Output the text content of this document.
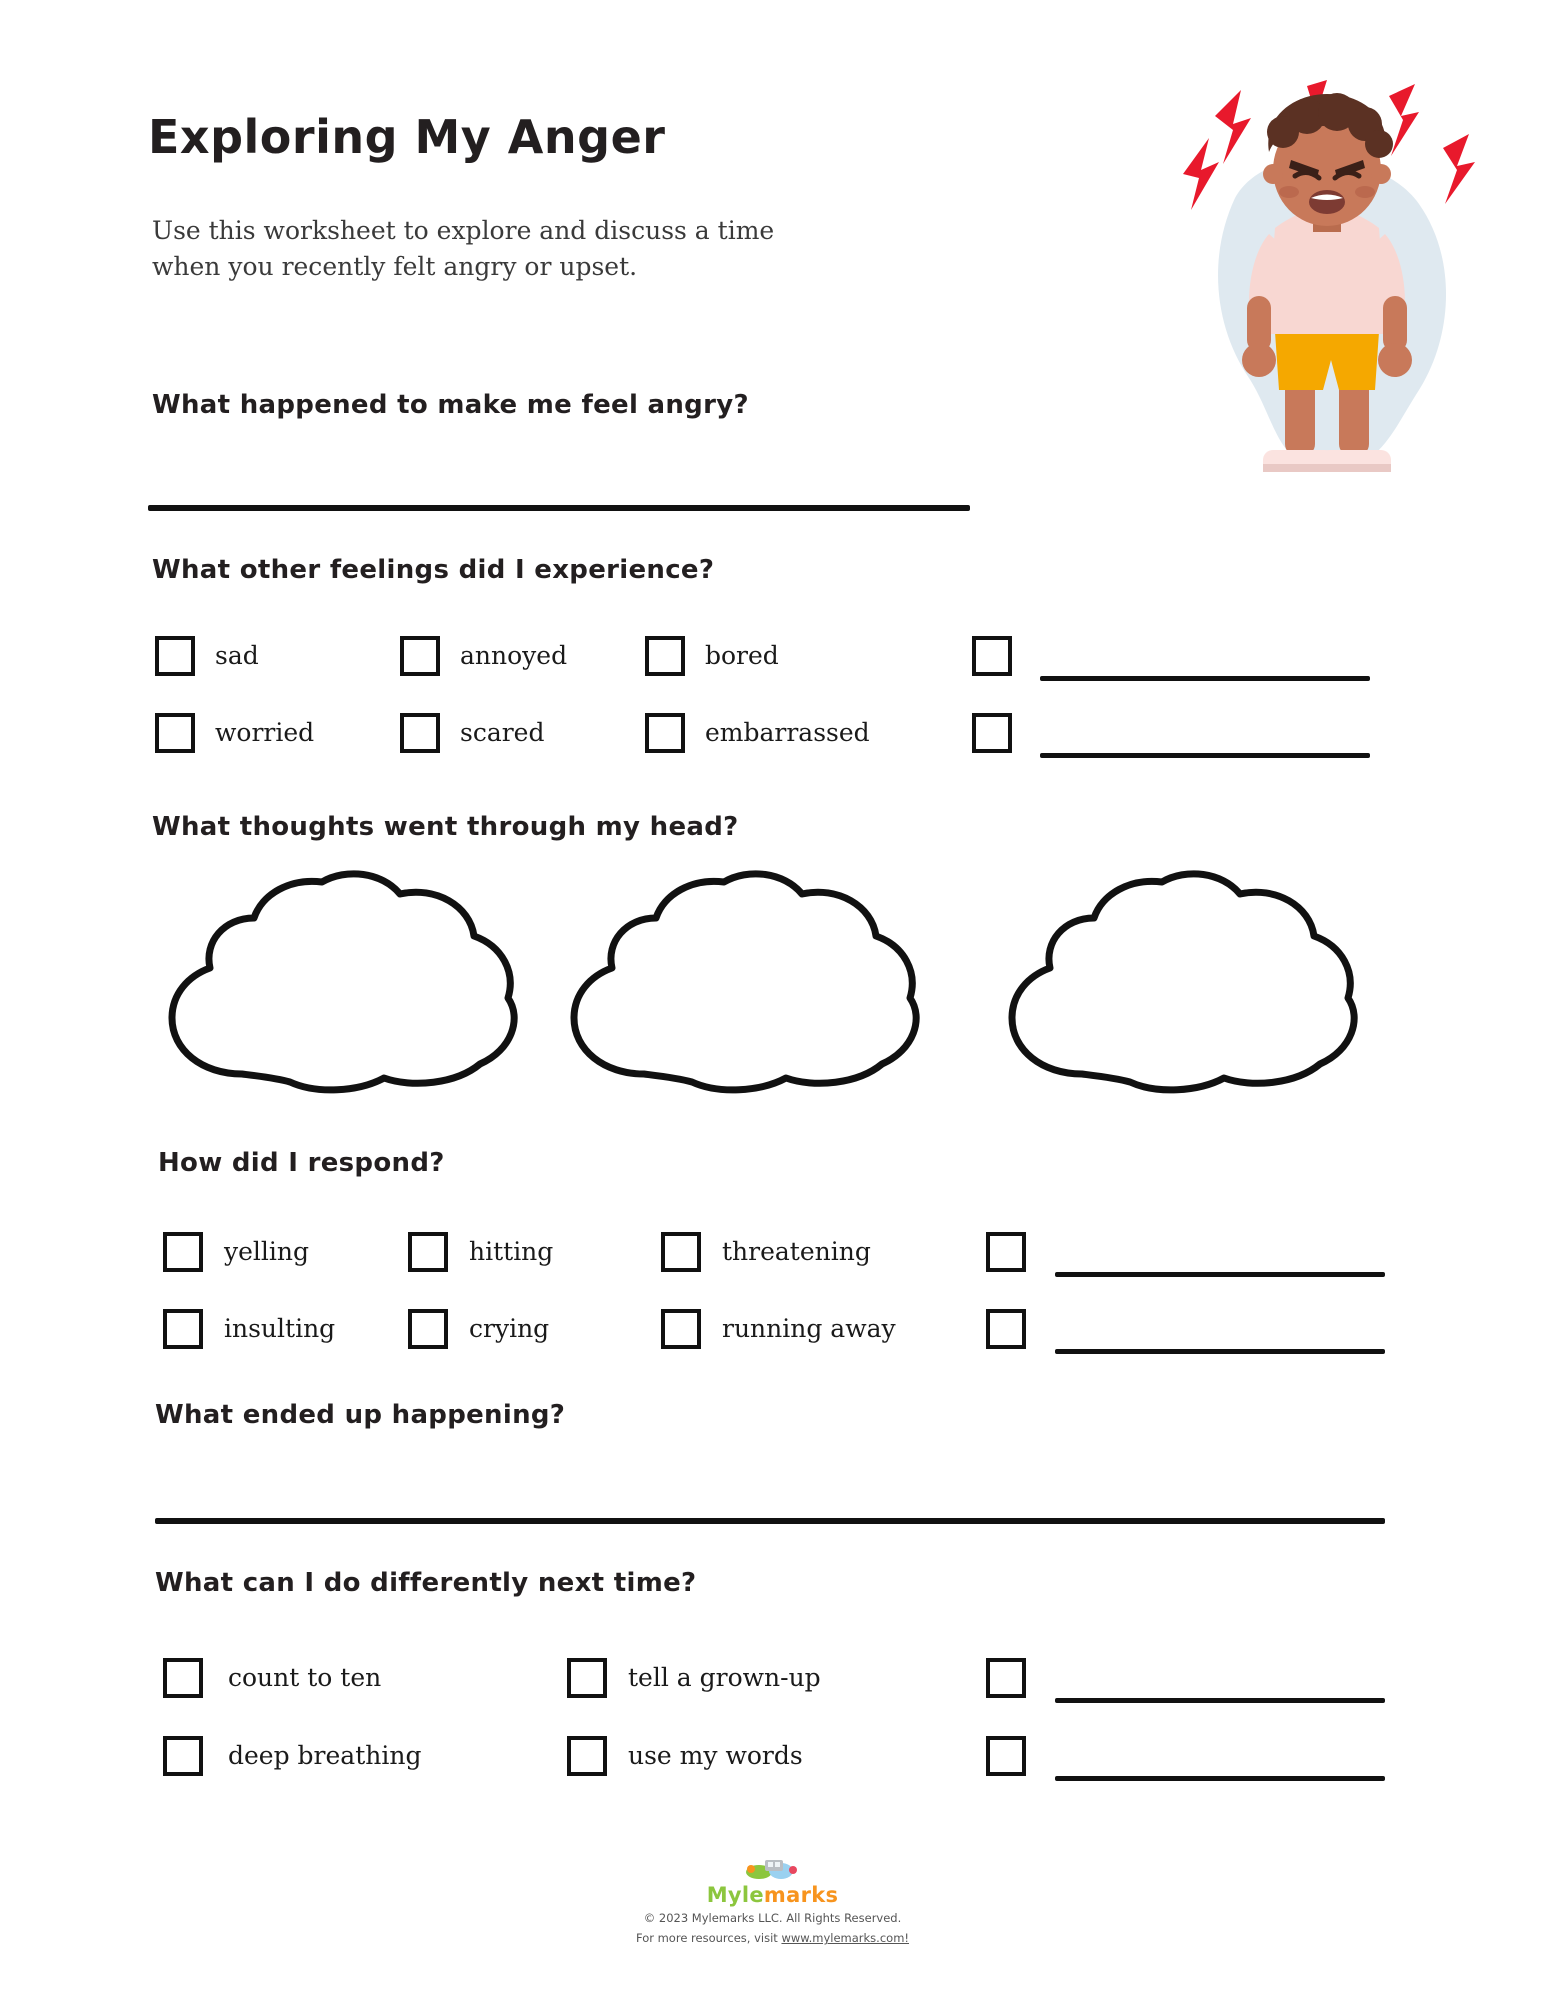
Exploring My Anger
Use this worksheet to explore and discuss a time when you recently felt angry or upset.
What happened to make me feel angry?
What other feelings did I experience?
sad	annoyed	bored
worried	scared	embarrassed
What thoughts went through my head?
How did I respond?
yelling	hitting	threatening
insulting	crying	running away
What ended up happening?
What can I do differently next time?
count to ten	tell a grown-up
deep breathing	use my words
Mylemarks
© 2023 Mylemarks LLC. All Rights Reserved.
For more resources, visit www.mylemarks.com!
